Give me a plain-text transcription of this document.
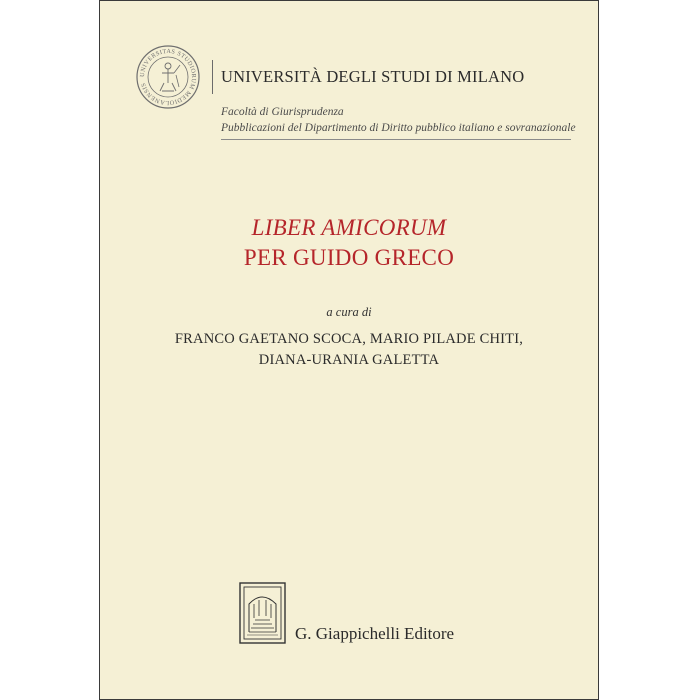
UNIVERSITAS STUDIORUM MEDIOLANENSIS	UNIVERSITÀ DEGLI STUDI DI MILANO
Facoltà di Giurisprudenza
Pubblicazioni del Dipartimento di Diritto pubblico italiano e sovranazionale
LIBER AMICORUM
PER GUIDO GRECO
a cura di
FRANCO GAETANO SCOCA, MARIO PILADE CHITI,
DIANA-URANIA GALETTA
G. Giappichelli Editore
